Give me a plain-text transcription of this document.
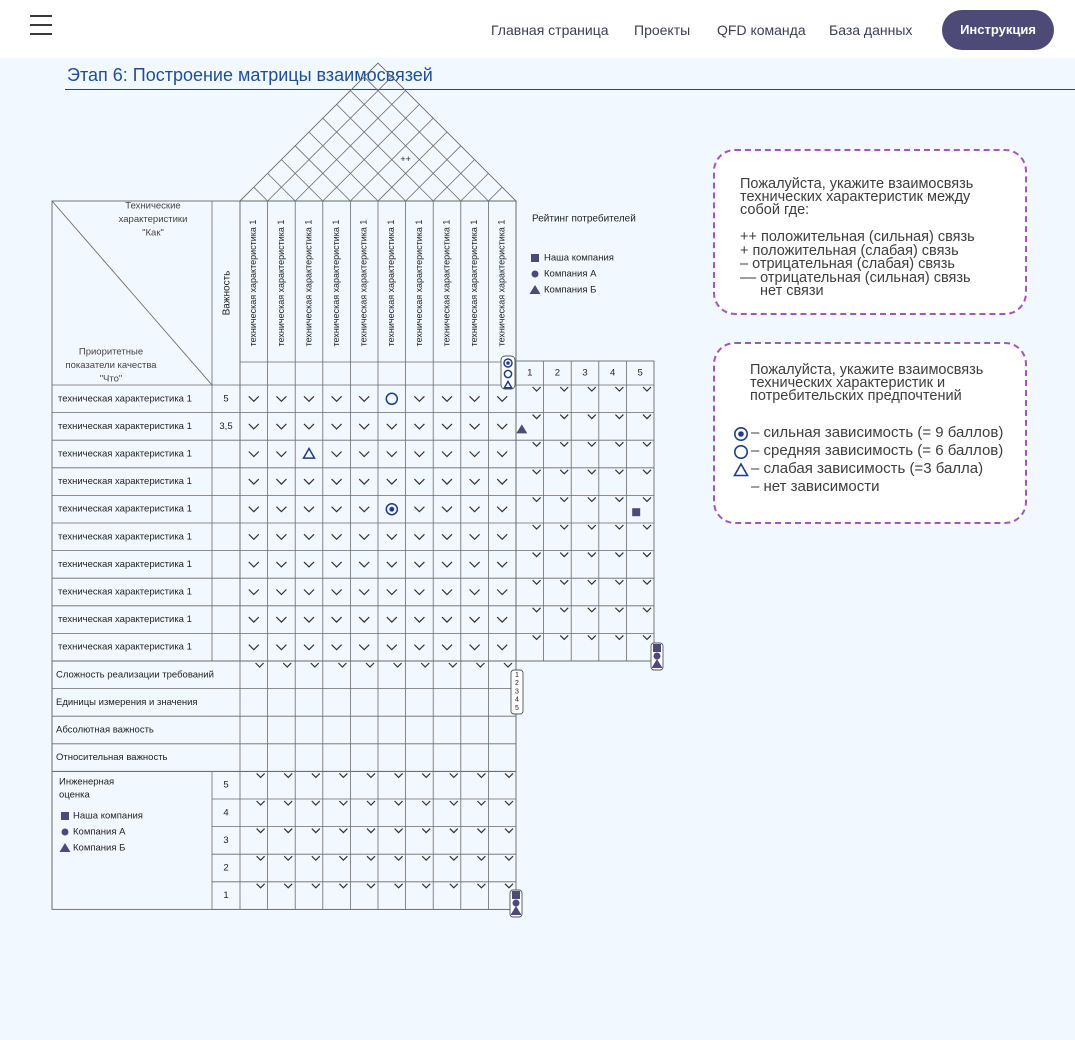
Главная страница Проекты QFD команда База данных	Инструкция
Этап 6: Построение матрицы взаимосвязей
++
Технические
характеристики
"Как"
Приоритетные
показатели качества
"Что"
Важность техническая характеристика 1 техническая характеристика 1 техническая характеристика 1 техническая характеристика 1 техническая характеристика 1 техническая характеристика 1 техническая характеристика 1 техническая характеристика 1 техническая характеристика 1 техническая характеристика 1
техническая характеристика 1	5
техническая характеристика 1	3,5
техническая характеристика 1
техническая характеристика 1
техническая характеристика 1
техническая характеристика 1
техническая характеристика 1
техническая характеристика 1
техническая характеристика 1
техническая характеристика 1
Рейтинг потребителей
Наша компания
Компания А
Компания Б
1 2 3 4 5
Сложность реализации требований
Единицы измерения и значения
Абсолютная важность
Относительная важность
1
2
3
4
5
Инженерная
оценка
Наша компания
Компания А
Компания Б
5
4
3
2
1
Пожалуйста, укажите взаимосвязь
технических характеристик между
собой где:
++ положительная (сильная) связь
+ положительная (слабая) связь
– отрицательная (слабая) связь
–– отрицательная (сильная) связь
нет связи
Пожалуйста, укажите взаимосвязь
технических характеристик и
потребительских предпочтений
– сильная зависимость (= 9 баллов)
– средняя зависимость (= 6 баллов)
– слабая зависимость (=3 балла)
– нет зависимости
